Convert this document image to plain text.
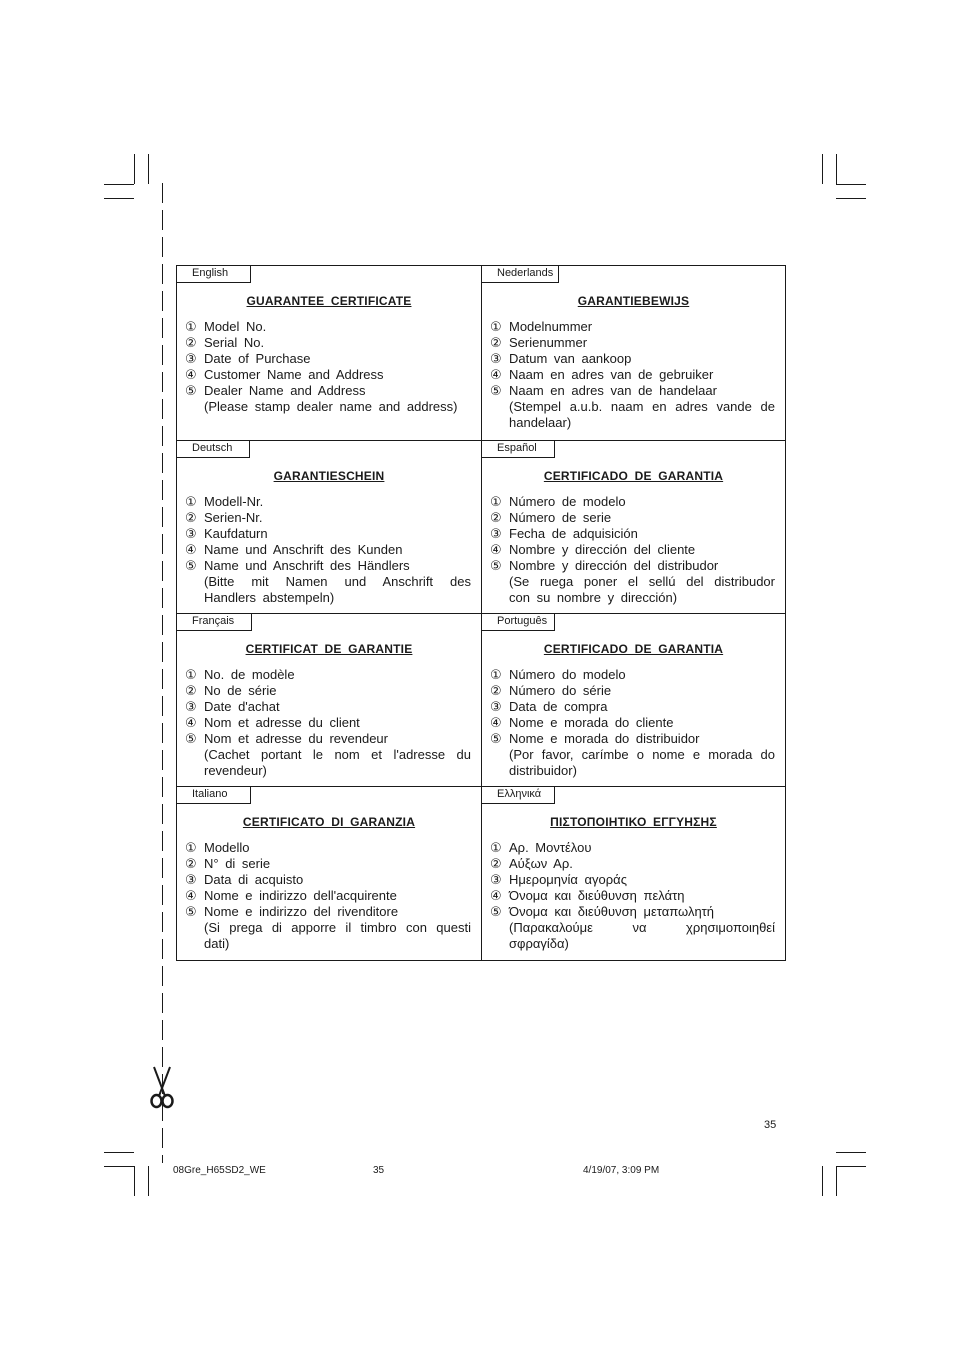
English
GUARANTEE CERTIFICATE
① Model No.
② Serial No.
③ Date of Purchase
④ Customer Name and Address
⑤ Dealer Name and Address
(Please stamp dealer name and address)
Nederlands
GARANTIEBEWIJS
① Modelnummer
② Serienummer
③ Datum van aankoop
④ Naam en adres van de gebruiker
⑤ Naam en adres van de handelaar
(Stempel a.u.b. naam en adres vande de handelaar)
Deutsch
GARANTIESCHEIN
① Modell-Nr.
② Serien-Nr.
③ Kaufdaturn
④ Name und Anschrift des Kunden
⑤ Name und Anschrift des Händlers
(Bitte mit Namen und Anschrift des Handlers abstempeln)
Español
CERTIFICADO DE GARANTIA
① Número de modelo
② Número de serie
③ Fecha de adquisición
④ Nombre y dirección del cliente
⑤ Nombre y dirección del distribudor
(Se ruega poner el sellú del distribudor con su nombre y dirección)
Français
CERTIFICAT DE GARANTIE
① No. de modèle
② No de série
③ Date d'achat
④ Nom et adresse du client
⑤ Nom et adresse du revendeur
(Cachet portant le nom et l'adresse du revendeur)
Português
CERTIFICADO DE GARANTIA
① Número do modelo
② Número do série
③ Data de compra
④ Nome e morada do cliente
⑤ Nome e morada do distribuidor
(Por favor, carímbe o nome e morada do distribuidor)
Italiano
CERTIFICATO DI GARANZIA
① Modello
② N° di serie
③ Data di acquisto
④ Nome e indirizzo dell'acquirente
⑤ Nome e indirizzo del rivenditore
(Si prega di apporre il timbro con questi dati)
Ελληνικά
ΠΙΣΤΟΠΟΙΗΤΙΚΟ ΕΓΓΥΗΣΗΣ
① Αρ. Μοντέλου
② Αύξων Αρ.
③ Ημερομηνία αγοράς
④ Όνομα και διεύθυνση πελάτη
⑤ Όνομα και διεύθυνση μεταπωλητή
(Παρακαλούμε να χρησιμοποιηθεί σφραγίδα)
35
08Gre_H65SD2_WE	35	4/19/07, 3:09 PM
